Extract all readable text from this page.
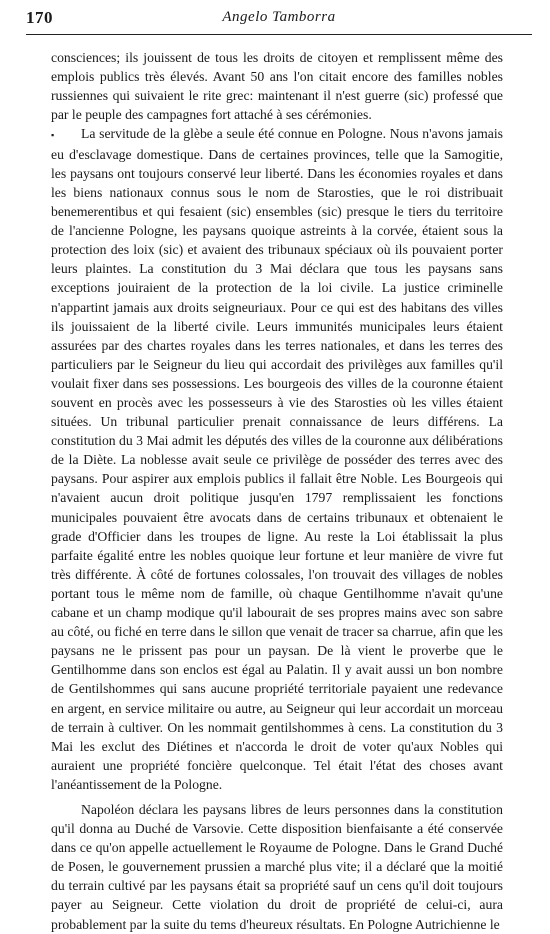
170	Angelo Tamborra

consciences; ils jouissent de tous les droits de citoyen et remplissent même des emplois publics très élevés. Avant 50 ans l'on citait encore des familles nobles russiennes qui suivaient le rite grec: maintenant il n'est guerre (sic) professé que par le peuple des campagnes fort attaché à ses cérémonies.

▪ La servitude de la glèbe a seule été connue en Pologne. Nous n'avons jamais eu d'esclavage domestique. Dans de certaines provinces, telle que la Samogitie, les paysans ont toujours conservé leur liberté. Dans les économies royales et dans les biens nationaux connus sous le nom de Starosties, que le roi distribuait benemerentibus et qui fesaient (sic) ensembles (sic) presque le tiers du territoire de l'ancienne Pologne, les paysans quoique astreints à la corvée, étaient sous la protection des loix (sic) et avaient des tribunaux spéciaux où ils pouvaient porter leurs plaintes. La constitution du 3 Mai déclara que tous les paysans sans exceptions jouiraient de la protection de la loi civile. La justice criminelle n'appartint jamais aux droits seigneuriaux. Pour ce qui est des habitans des villes ils jouissaient de la liberté civile. Leurs immunités municipales leurs étaient assurées par des chartes royales dans les terres nationales, et dans les terres des particuliers par le Seigneur du lieu qui accordait des privilèges aux familles qu'il voulait fixer dans ses possessions. Les bourgeois des villes de la couronne étaient souvent en procès avec les possesseurs à vie des Starosties où les villes étaient situées. Un tribunal particulier prenait connaissance de leurs différens. La constitution du 3 Mai admit les députés des villes de la couronne aux délibérations de la Diète. La noblesse avait seule ce privilège de posséder des terres avec des paysans. Pour aspirer aux emplois publics il fallait être Noble. Les Bourgeois qui n'avaient aucun droit politique jusqu'en 1797 remplissaient les fonctions municipales pouvaient être avocats dans de certains tribunaux et obtenaient le grade d'Officier dans les troupes de ligne. Au reste la Loi établissait la plus parfaite égalité entre les nobles quoique leur fortune et leur manière de vivre fut très différente. À côté de fortunes colossales, l'on trouvait des villages de nobles portant tous le même nom de famille, où chaque Gentilhomme n'avait qu'une cabane et un champ modique qu'il labourait de ses propres mains avec son sabre au côté, ou fiché en terre dans le sillon que venait de tracer sa charrue, afin que les paysans ne le prissent pas pour un paysan. De là vient le proverbe que le Gentilhomme dans son enclos est égal au Palatin. Il y avait aussi un bon nombre de Gentilshommes qui sans aucune propriété territoriale payaient une redevance en argent, en service militaire ou autre, au Seigneur qui leur accordait un morceau de terrain à cultiver. On les nommait gentilshommes à cens. La constitution du 3 Mai les exclut des Diétines et n'accorda le droit de voter qu'aux Nobles qui auraient une propriété foncière quelconque. Tel était l'état des choses avant l'anéantissement de la Pologne.

Napoléon déclara les paysans libres de leurs personnes dans la constitution qu'il donna au Duché de Varsovie. Cette disposition bienfaisante a été conservée dans ce qu'on appelle actuellement le Royaume de Pologne. Dans le Grand Duché de Posen, le gouvernement prussien a marché plus vite; il a déclaré que la moitié du terrain cultivé par les paysans était sa propriété sauf un cens qu'il doit toujours payer au Seigneur. Cette violation du droit de propriété de celui-ci, aura probablement par la suite du tems d'heureux résultats. En Pologne Autrichienne le
